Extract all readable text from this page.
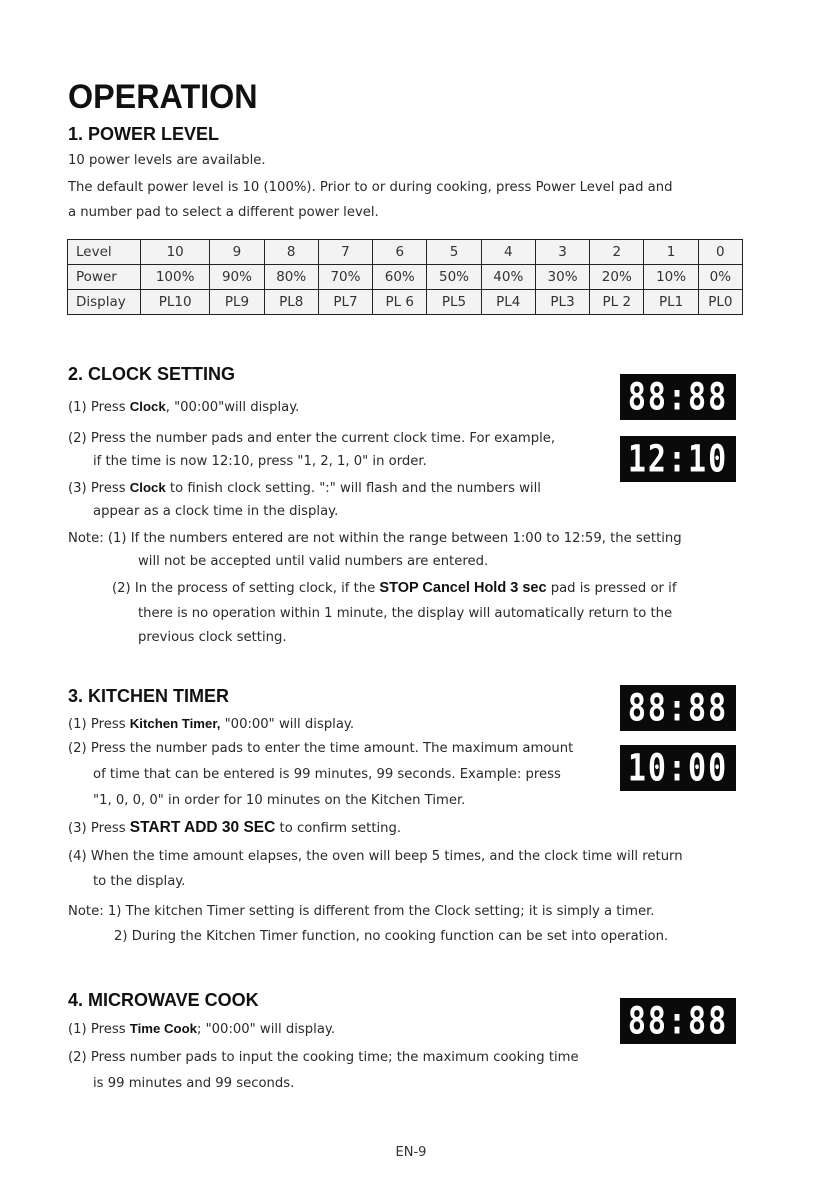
OPERATION
1. POWER LEVEL
10 power levels are available.
The default power level is 10 (100%). Prior to or during cooking, press Power Level pad and
a number pad to select a different power level.
Level	10	9	8	7	6	5	4	3	2	1	0
Power	100%	90%	80%	70%	60%	50%	40%	30%	20%	10%	0%
Display	PL10	PL9	PL8	PL7	PL 6	PL5	PL4	PL3	PL 2	PL1	PL0
2. CLOCK SETTING
(1) Press Clock, "00:00"will display.
(2) Press the number pads and enter the current clock time. For example,
if the time is now 12:10, press "1, 2, 1, 0" in order.
(3) Press Clock to finish clock setting. ":" will flash and the numbers will
appear as a clock time in the display.
Note: (1) If the numbers entered are not within the range between 1:00 to 12:59, the setting
will not be accepted until valid numbers are entered.
(2) In the process of setting clock, if the STOP Cancel Hold 3 sec pad is pressed or if
there is no operation within 1 minute, the display will automatically return to the
previous clock setting.
88:88
12:10
3. KITCHEN TIMER
(1) Press Kitchen Timer, "00:00" will display.
(2) Press the number pads to enter the time amount. The maximum amount
of time that can be entered is 99 minutes, 99 seconds. Example: press
"1, 0, 0, 0" in order for 10 minutes on the Kitchen Timer.
(3) Press START ADD 30 SEC to confirm setting.
(4) When the time amount elapses, the oven will beep 5 times, and the clock time will return
to the display.
Note: 1) The kitchen Timer setting is different from the Clock setting; it is simply a timer.
2) During the Kitchen Timer function, no cooking function can be set into operation.
88:88
10:00
4. MICROWAVE COOK
(1) Press Time Cook; "00:00" will display.
(2) Press number pads to input the cooking time; the maximum cooking time
is 99 minutes and 99 seconds.
88:88
EN-9
